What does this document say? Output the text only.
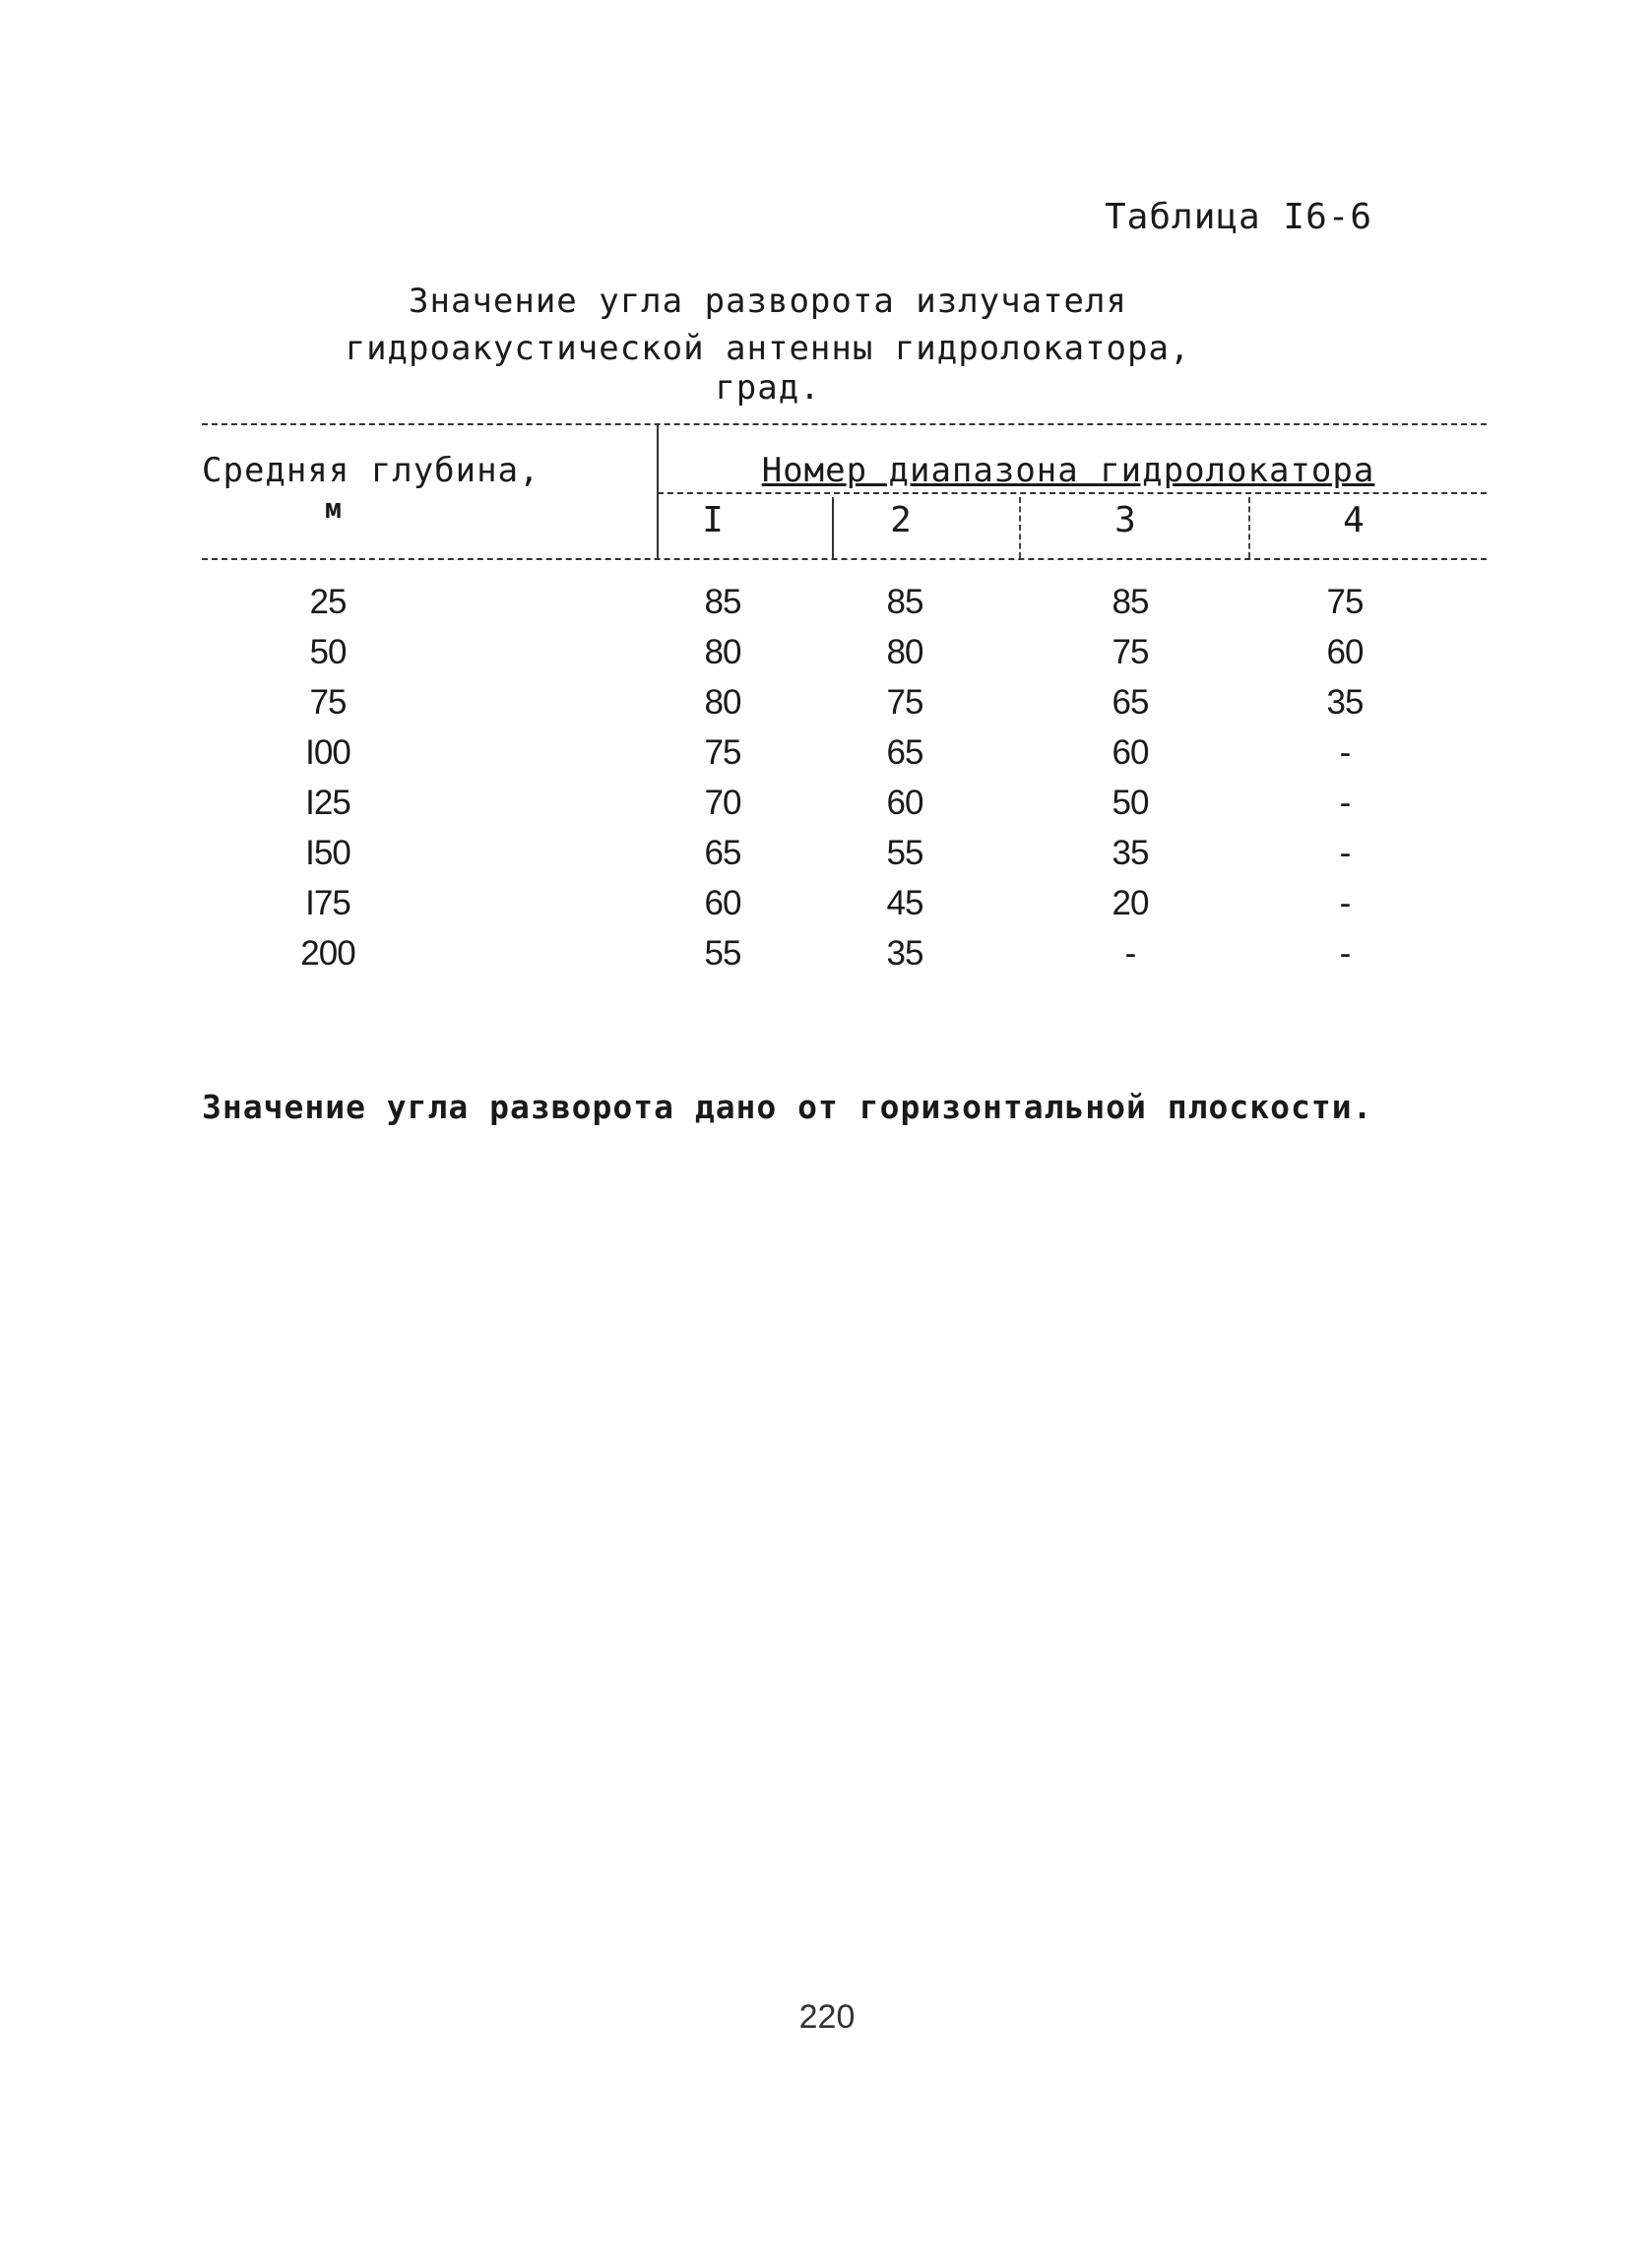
Таблица I6-6
Значение угла разворота излучателя
гидроакустической антенны гидролокатора, град.
Средняя глубина,
м
Номер диапазона гидролокатора
I	2	3	4
25	85	85	85	75
50	80	80	75	60
75	80	75	65	35
I00	75	65	60	-
I25	70	60	50	-
I50	65	55	35	-
I75	60	45	20	-
200	55	35	-	-
Значение угла разворота дано от горизонтальной плоскости.
220
